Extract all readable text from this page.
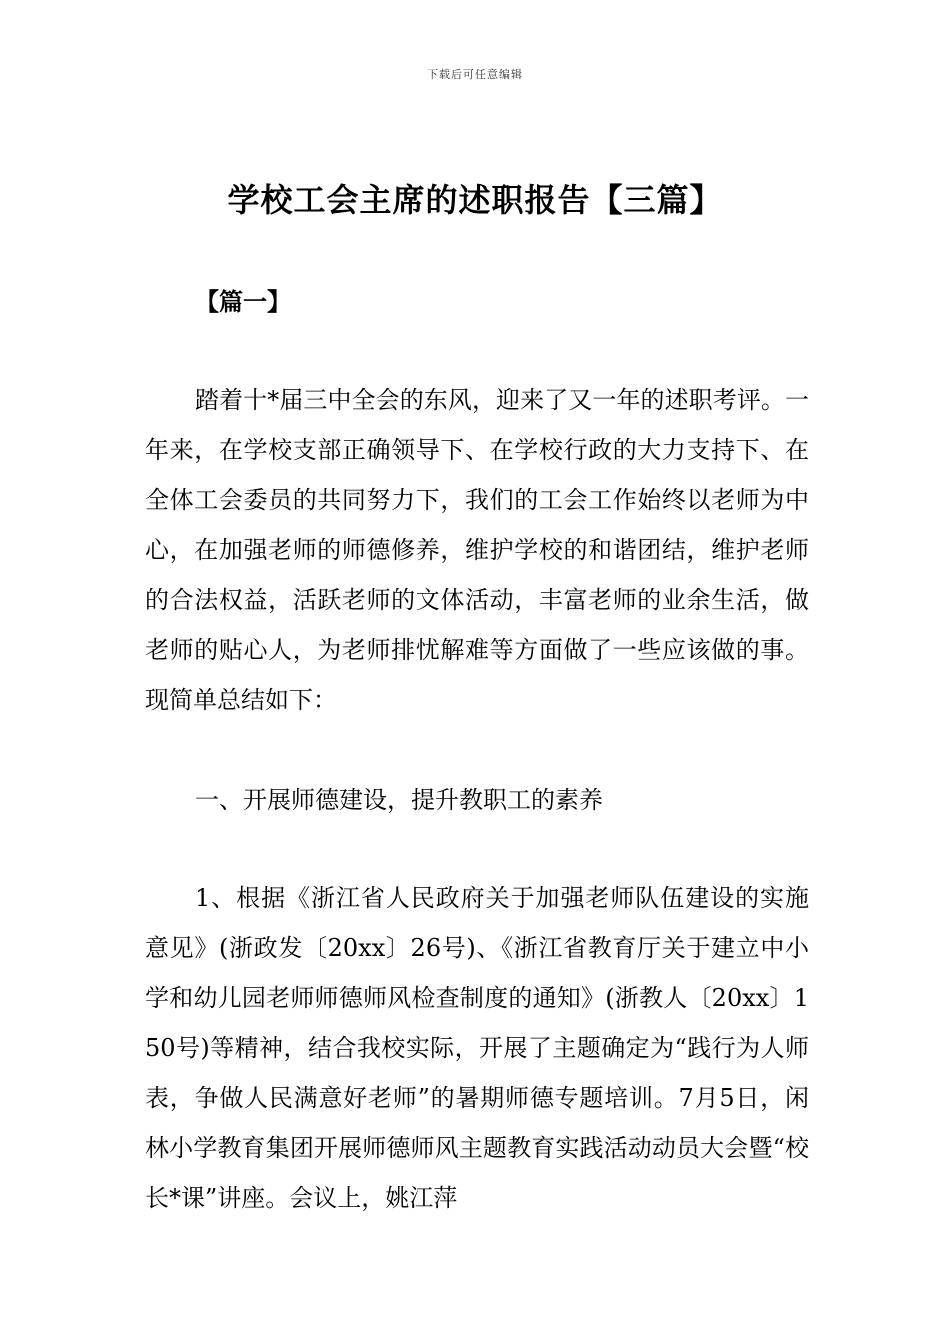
下载后可任意编辑
学校工会主席的述职报告【三篇】

【篇一】

踏着十*届三中全会的东风，迎来了又一年的述职考评。一年来，在学校支部正确领导下、在学校行政的大力支持下、在全体工会委员的共同努力下，我们的工会工作始终以老师为中心，在加强老师的师德修养，维护学校的和谐团结，维护老师的合法权益，活跃老师的文体活动，丰富老师的业余生活，做老师的贴心人，为老师排忧解难等方面做了一些应该做的事。现简单总结如下：

一、开展师德建设，提升教职工的素养

1、根据《浙江省人民政府关于加强老师队伍建设的实施意见》(浙政发〔20xx〕26号)、《浙江省教育厅关于建立中小学和幼儿园老师师德师风检查制度的通知》(浙教人〔20xx〕150号)等精神，结合我校实际，开展了主题确定为“践行为人师表，争做人民满意好老师”的暑期师德专题培训。7月5日，闲林小学教育集团开展师德师风主题教育实践活动动员大会暨“校长*课”讲座。会议上，姚江萍
